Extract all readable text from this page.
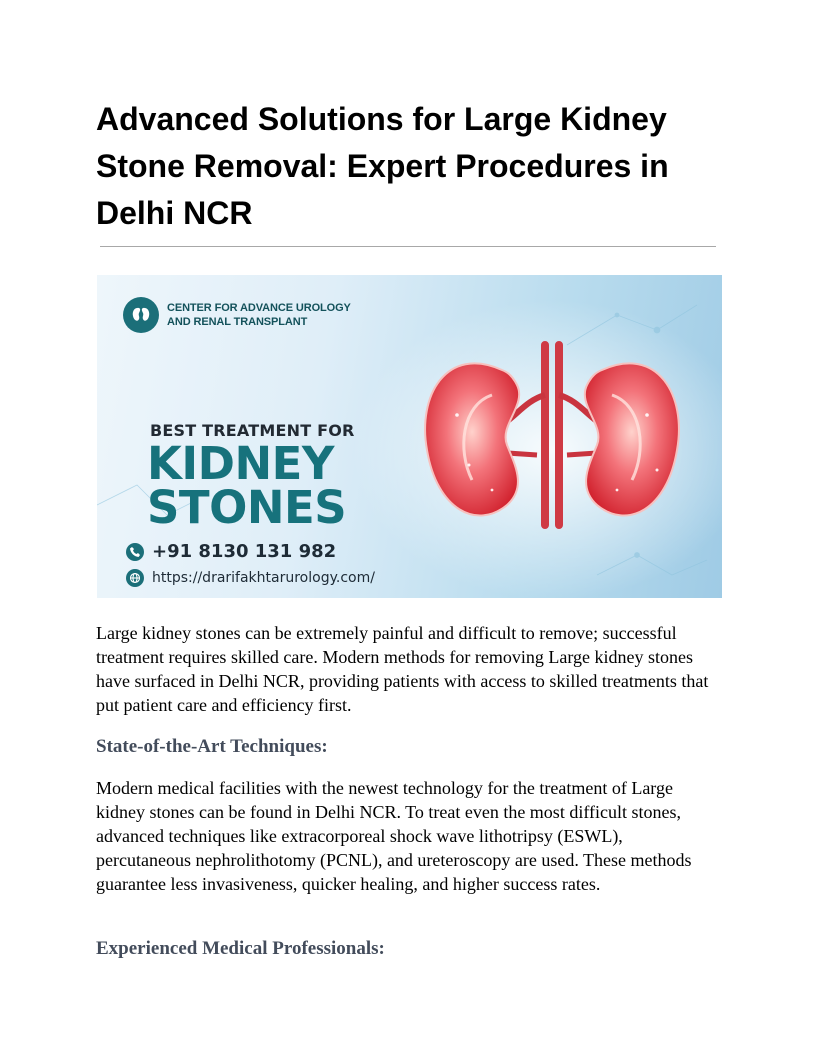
Advanced Solutions for Large Kidney Stone Removal: Expert Procedures in Delhi NCR
CENTER FOR ADVANCE UROLOGY
AND RENAL TRANSPLANT
BEST TREATMENT FOR
KIDNEY
STONES
+91 8130 131 982
https://drarifakhtarurology.com/

Large kidney stones can be extremely painful and difficult to remove; successful treatment requires skilled care. Modern methods for removing Large kidney stones have surfaced in Delhi NCR, providing patients with access to skilled treatments that put patient care and efficiency first.

State-of-the-Art Techniques:

Modern medical facilities with the newest technology for the treatment of Large kidney stones can be found in Delhi NCR. To treat even the most difficult stones, advanced techniques like extracorporeal shock wave lithotripsy (ESWL), percutaneous nephrolithotomy (PCNL), and ureteroscopy are used. These methods guarantee less invasiveness, quicker healing, and higher success rates.

Experienced Medical Professionals:
